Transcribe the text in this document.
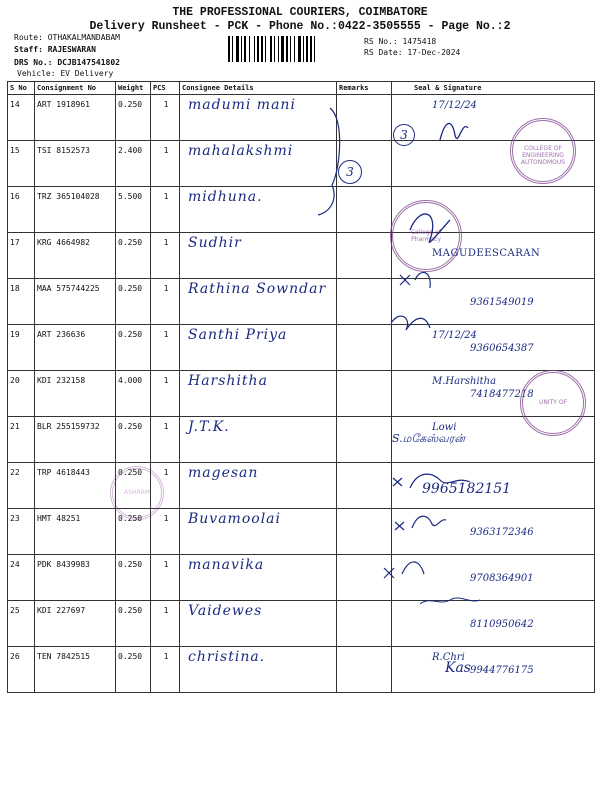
THE PROFESSIONAL COURIERS, COIMBATORE
Delivery Runsheet - PCK - Phone No.:0422-3505555 - Page No.:2
Route: OTHAKALMANDABAM
Staff: RAJESWARAN
DRS No.: DCJB147541802
Vehicle: EV Delivery
RS No.: 1475418
RS Date: 17-Dec-2024
S No	Consignment No	Weight	PCS	Consignee Details	Remarks	Seal & Signature
14	ART 1918961	0.250	1	madumi mani		17/12/24

15	TSI 8152573	2.400	1	mahalakshmi		

16	TRZ 365104028	5.500	1	midhuna.		

17	KRG 4664982	0.250	1	Sudhir		

18	MAA 575744225	0.250	1	Rathina Sowndar		9361549019

19	ART 236636	0.250	1	Santhi Priya		17/12/24
9360654387

20	KDI 232158	4.000	1	Harshitha		M.Harshitha
7418477218

21	BLR 255159732	0.250	1	J.T.K.		Lowi

22	TRP 4618443	0.250	1	magesan		9965182151

23	HMT 48251	0.250	1	Buvamoolai		9363172346

24	PDK 8439983	0.250	1	manavika		9708364901

25	KDI 227697	0.250	1	Vaidewes		8110950642

26	TEN 7842515	0.250	1	christina.		R.Chri
9944776175
3
3
COLLEGE OF ENGINEERING AUTONOMOUS
College of Pharmacy
MAGUDEESCARAN
UNITY OF
S.மகேஸ்வரன்
ASHRAM
Kas
